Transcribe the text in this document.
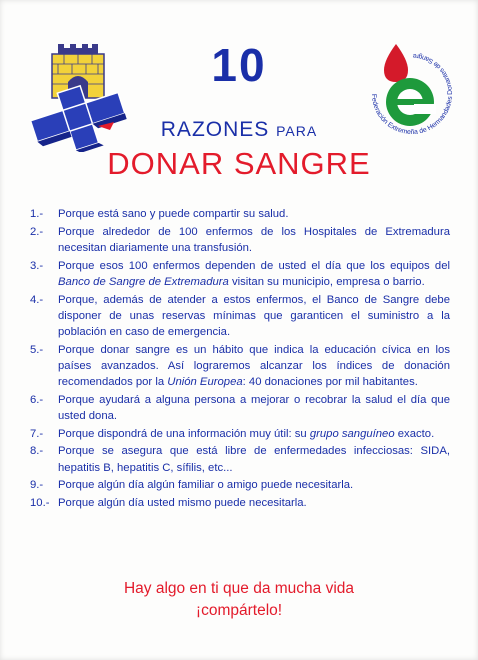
Federación Extremeña de Hermandades Donantes de Sangre
10
RAZONES PARA
DONAR SANGRE
1.-	Porque está sano y puede compartir su salud.
2.-	Porque alrededor de 100 enfermos de los Hospitales de Extremadura necesitan diariamente una transfusión.
3.-	Porque esos 100 enfermos dependen de usted el día que los equipos del Banco de Sangre de Extremadura visitan su municipio, empresa o barrio.
4.-	Porque, además de atender a estos enfermos, el Banco de Sangre debe disponer de unas reservas mínimas que garanticen el suministro a la población en caso de emergencia.
5.-	Porque donar sangre es un hábito que indica la educación cívica en los países avanzados. Así lograremos alcanzar los índices de donación recomendados por la Unión Europea: 40 donaciones por mil habitantes.
6.-	Porque ayudará a alguna persona a mejorar o recobrar la salud el día que usted dona.
7.-	Porque dispondrá de una información muy útil: su grupo sanguíneo exacto.
8.-	Porque se asegura que está libre de enfermedades infecciosas: SIDA, hepatitis B, hepatitis C, sífilis, etc...
9.-	Porque algún día algún familiar o amigo puede necesitarla.
10.- Porque algún día usted mismo puede necesitarla.
Hay algo en ti que da mucha vida
¡compártelo!
